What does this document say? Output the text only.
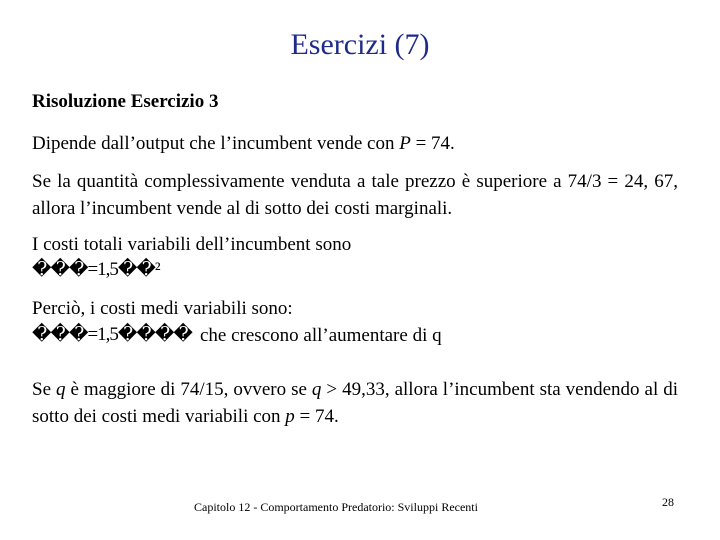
Esercizi (7)
Risoluzione Esercizio 3
Dipende dall’output che l’incumbent vende con P = 74.
Se la quantità complessivamente venduta a tale prezzo è superiore a 74/3 = 24, 67, allora l’incumbent vende al di sotto dei costi marginali.
I costi totali variabili dell’incumbent sono
���=1,5��²
Perciò, i costi medi variabili sono:
���=1,5���� che crescono all’aumentare di q
Se q è maggiore di 74/15, ovvero se q > 49,33, allora l’incumbent sta vendendo al di sotto dei costi medi variabili con p = 74.
Capitolo 12 - Comportamento Predatorio: Sviluppi Recenti	28
